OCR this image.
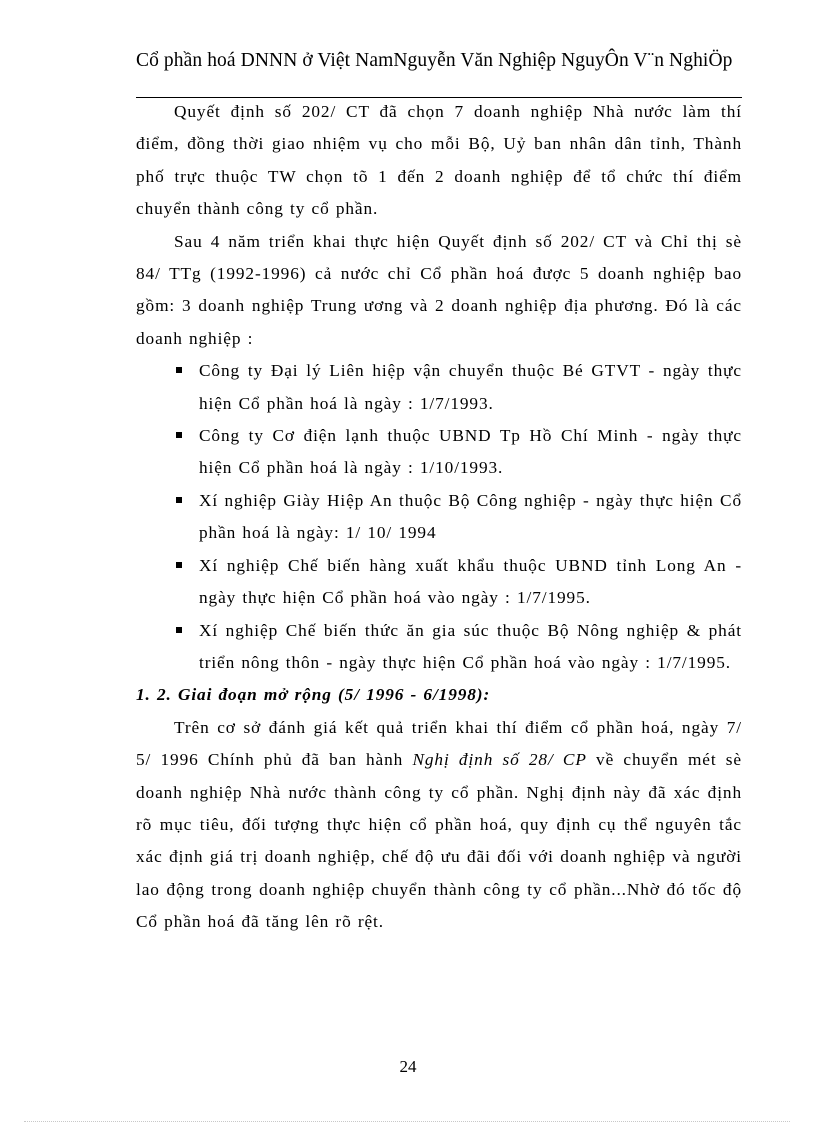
Cổ phần hoá DNNN ở Việt NamNguyễn Văn Nghiệp NguyÔn V¨n NghiÖp

Quyết định số 202/ CT đã chọn 7 doanh nghiệp Nhà nước làm thí điểm, đồng thời giao nhiệm vụ cho mỗi Bộ, Uỷ ban nhân dân tỉnh, Thành phố trực thuộc TW chọn tõ 1 đến 2 doanh nghiệp để tổ chức thí điểm chuyển thành công ty cổ phần.

Sau 4 năm triển khai thực hiện Quyết định số 202/ CT và Chỉ thị sè 84/ TTg (1992-1996) cả nước chỉ Cổ phần hoá được 5 doanh nghiệp bao gồm: 3 doanh nghiệp Trung ương và 2 doanh nghiệp địa phương. Đó là các doanh nghiệp :

Công ty Đại lý Liên hiệp vận chuyển thuộc Bé GTVT - ngày thực hiện Cổ phần hoá là ngày : 1/7/1993.
Công ty Cơ điện lạnh thuộc UBND Tp Hồ Chí Minh - ngày thực hiện Cổ phần hoá là ngày : 1/10/1993.
Xí nghiệp Giày Hiệp An thuộc Bộ Công nghiệp - ngày thực hiện Cổ phần hoá là ngày: 1/ 10/ 1994
Xí nghiệp Chế biến hàng xuất khẩu thuộc UBND tỉnh Long An - ngày thực hiện Cổ phần hoá vào ngày : 1/7/1995.
Xí nghiệp Chế biến thức ăn gia súc thuộc Bộ Nông nghiệp & phát triển nông thôn - ngày thực hiện Cổ phần hoá vào ngày : 1/7/1995.

1. 2. Giai đoạn mở rộng (5/ 1996 - 6/1998):

Trên cơ sở đánh giá kết quả triển khai thí điểm cổ phần hoá, ngày 7/ 5/ 1996 Chính phủ đã ban hành Nghị định số 28/ CP về chuyển mét sè doanh nghiệp Nhà nước thành công ty cổ phần. Nghị định này đã xác định rõ mục tiêu, đối tượng thực hiện cổ phần hoá, quy định cụ thể nguyên tắc xác định giá trị doanh nghiệp, chế độ ưu đãi đối với doanh nghiệp và người lao động trong doanh nghiệp chuyển thành công ty cổ phần...Nhờ đó tốc độ Cổ phần hoá đã tăng lên rõ rệt.

24
